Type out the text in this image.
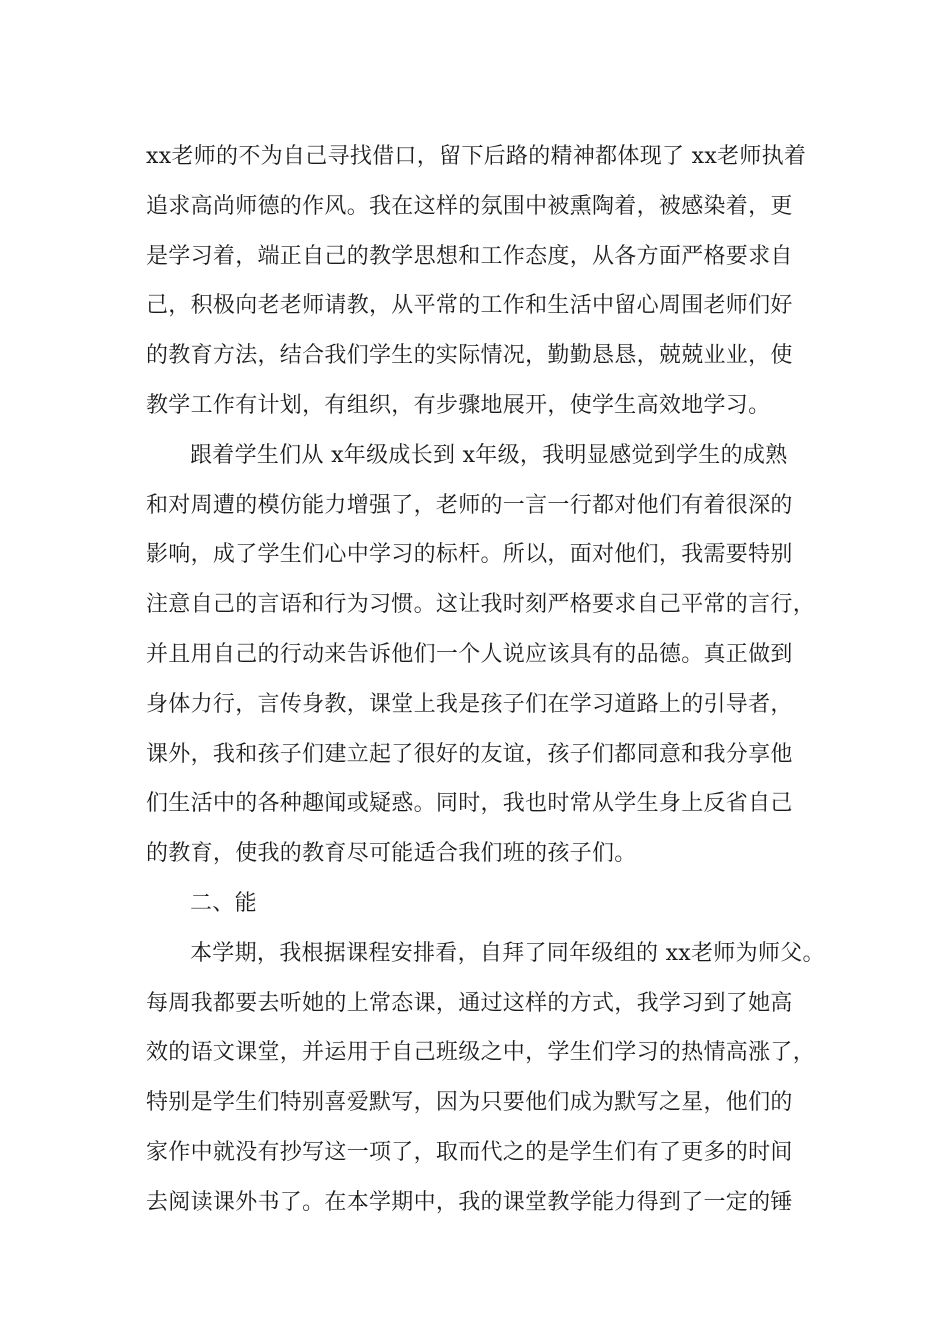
xx老师的不为自己寻找借口，留下后路的精神都体现了 xx老师执着
追求高尚师德的作风。我在这样的氛围中被熏陶着，被感染着，更
是学习着，端正自己的教学思想和工作态度，从各方面严格要求自
己，积极向老老师请教，从平常的工作和生活中留心周围老师们好
的教育方法，结合我们学生的实际情况，勤勤恳恳，兢兢业业，使
教学工作有计划，有组织，有步骤地展开，使学生高效地学习。
跟着学生们从 x年级成长到 x年级，我明显感觉到学生的成熟
和对周遭的模仿能力增强了，老师的一言一行都对他们有着很深的
影响，成了学生们心中学习的标杆。所以，面对他们，我需要特别
注意自己的言语和行为习惯。这让我时刻严格要求自己平常的言行，
并且用自己的行动来告诉他们一个人说应该具有的品德。真正做到
身体力行，言传身教，课堂上我是孩子们在学习道路上的引导者，
课外，我和孩子们建立起了很好的友谊，孩子们都同意和我分享他
们生活中的各种趣闻或疑惑。同时，我也时常从学生身上反省自己
的教育，使我的教育尽可能适合我们班的孩子们。
二、能
本学期，我根据课程安排看，自拜了同年级组的 xx老师为师父。
每周我都要去听她的上常态课，通过这样的方式，我学习到了她高
效的语文课堂，并运用于自己班级之中，学生们学习的热情高涨了，
特别是学生们特别喜爱默写，因为只要他们成为默写之星，他们的
家作中就没有抄写这一项了，取而代之的是学生们有了更多的时间
去阅读课外书了。在本学期中，我的课堂教学能力得到了一定的锤
